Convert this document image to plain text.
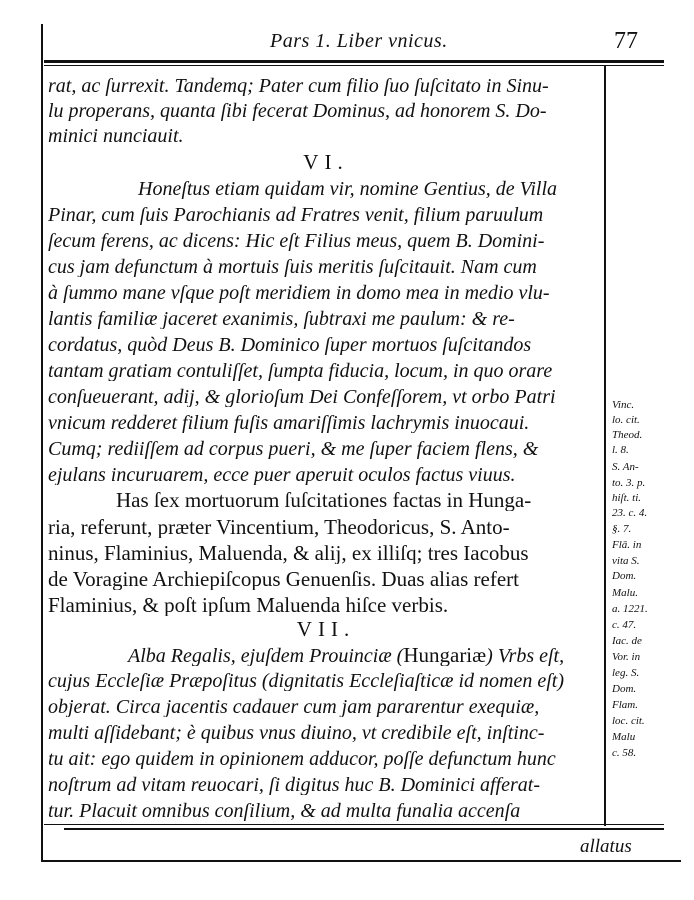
Pars 1. Liber vnicus.	77
rat, ac ſurrexit. Tandemq; Pater cum filio ſuo ſuſcitato in Sinu-
lu properans, quanta ſibi fecerat Dominus, ad honorem S. Do-
minici nunciauit.
VI.
Honeſtus etiam quidam vir, nomine Gentius, de Villa
Pinar, cum ſuis Parochianis ad Fratres venit, filium paruulum
ſecum ferens, ac dicens: Hic eſt Filius meus, quem B. Domini-
cus jam defunctum à mortuis ſuis meritis ſuſcitauit. Nam cum
à ſummo mane vſque poſt meridiem in domo mea in medio vlu-
lantis familiæ jaceret exanimis, ſubtraxi me paulum: & re-
cordatus, quòd Deus B. Dominico ſuper mortuos ſuſcitandos
tantam gratiam contuliſſet, ſumpta fiducia, locum, in quo orare
conſueuerant, adij, & glorioſum Dei Confeſſorem, vt orbo Patri
vnicum redderet filium fuſis amariſſimis lachrymis inuocaui.
Cumq; rediiſſem ad corpus pueri, & me ſuper faciem flens, &
ejulans incuruarem, ecce puer aperuit oculos factus viuus.
Has ſex mortuorum ſuſcitationes factas in Hunga-
ria, referunt, præter Vincentium, Theodoricus, S. Anto-
ninus, Flaminius, Maluenda, & alij, ex illiſq; tres Iacobus
de Voragine Archiepiſcopus Genuenſis. Duas alias refert
Flaminius, & poſt ipſum Maluenda hiſce verbis.
VII.
Alba Regalis, ejuſdem Prouinciæ (Hungariæ) Vrbs eſt,
cujus Eccleſiæ Præpoſitus (dignitatis Eccleſiaſticæ id nomen eſt)
objerat. Circa jacentis cadauer cum jam pararentur exequiæ,
multi aſſidebant; è quibus vnus diuino, vt credibile eſt, inſtinc-
tu ait: ego quidem in opinionem adducor, poſſe defunctum hunc
noſtrum ad vitam reuocari, ſi digitus huc B. Dominici afferat-
tur. Placuit omnibus conſilium, & ad multa funalia accenſa
Vinc.
lo. cit.
Theod.
l. 8.
S. An-
to. 3. p.
hiſt. ti.
23. c. 4.
§. 7.
Flā. in
vita S.
Dom.
Malu.
a. 1221.
c. 47.
Iac. de
Vor. in
leg. S.
Dom.
Flam.
loc. cit.
Malu
c. 58.
allatus
